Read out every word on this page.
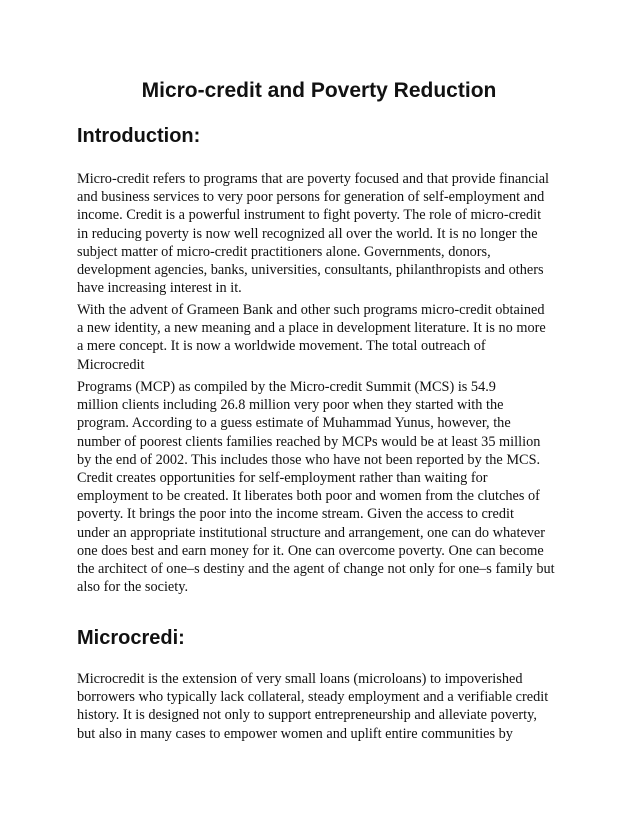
Micro-credit and Poverty Reduction
Introduction:

Micro-credit refers to programs that are poverty focused and that provide financial
and business services to very poor persons for generation of self-employment and
income. Credit is a powerful instrument to fight poverty. The role of micro-credit
in reducing poverty is now well recognized all over the world. It is no longer the
subject matter of micro-credit practitioners alone. Governments, donors,
development agencies, banks, universities, consultants, philanthropists and others
have increasing interest in it.

With the advent of Grameen Bank and other such programs micro-credit obtained
a new identity, a new meaning and a place in development literature. It is no more
a mere concept. It is now a worldwide movement. The total outreach of
Microcredit

Programs (MCP) as compiled by the Micro-credit Summit (MCS) is 54.9
million clients including 26.8 million very poor when they started with the
program. According to a guess estimate of Muhammad Yunus, however, the
number of poorest clients families reached by MCPs would be at least 35 million
by the end of 2002. This includes those who have not been reported by the MCS.
Credit creates opportunities for self-employment rather than waiting for
employment to be created. It liberates both poor and women from the clutches of
poverty. It brings the poor into the income stream. Given the access to credit
under an appropriate institutional structure and arrangement, one can do whatever
one does best and earn money for it. One can overcome poverty. One can become
the architect of one–s destiny and the agent of change not only for one–s family but
also for the society.

Microcredi:

Microcredit is the extension of very small loans (microloans) to impoverished
borrowers who typically lack collateral, steady employment and a verifiable credit
history. It is designed not only to support entrepreneurship and alleviate poverty,
but also in many cases to empower women and uplift entire communities by
